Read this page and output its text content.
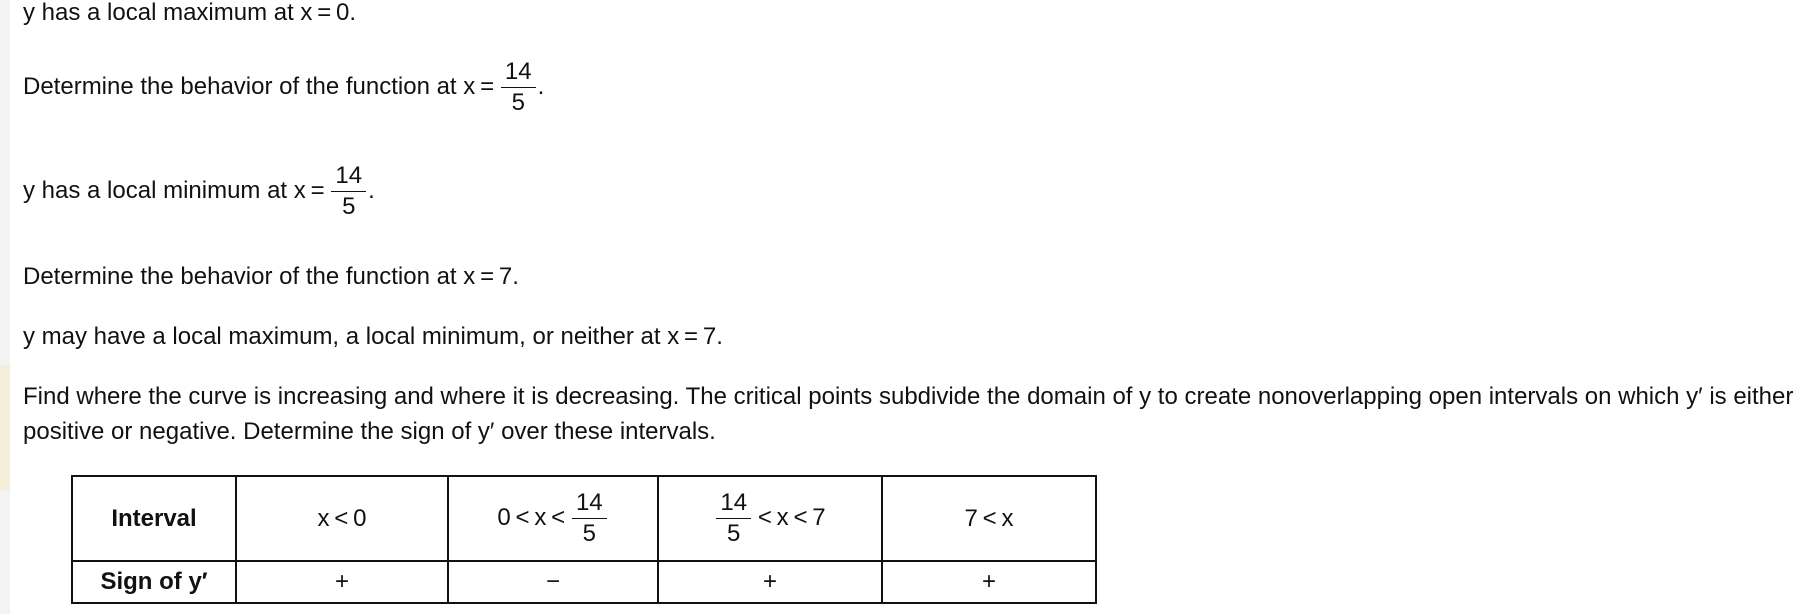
y has a local maximum at x = 0.
Determine the behavior of the function at $x = \frac{14}{5}$ .
y has a local minimum at $x = \frac{14}{5}$ .
Determine the behavior of the function at x = 7.
y may have a local maximum, a local minimum, or neither at x = 7.
Find where the curve is increasing and where it is decreasing. The critical points subdivide the domain of y to create nonoverlapping open intervals on which y′ is either positive or negative. Determine the sign of y′ over these intervals.
Interval	x < 0	$0 < x < \frac{14}{5}$	$\frac{14}{5} < x < 7$	7 < x
Sign of y′	+	−	+	+
